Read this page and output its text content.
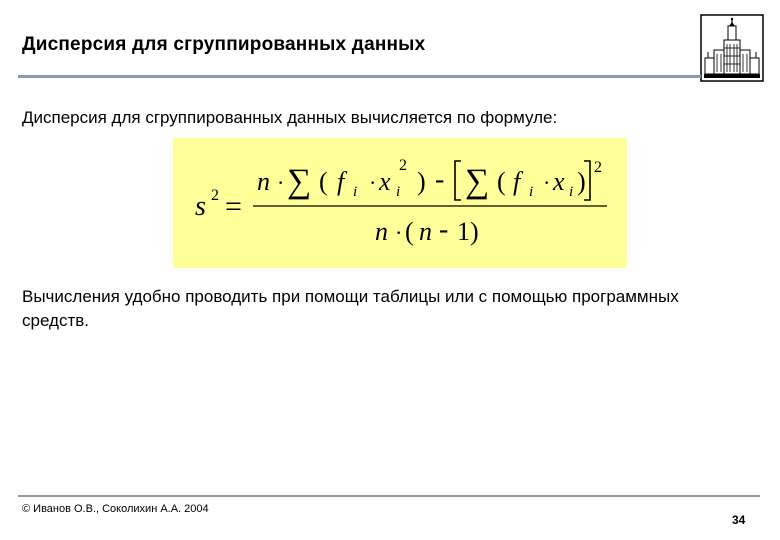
Дисперсия для сгруппированных данных
Дисперсия для сгруппированных данных вычисляется по формуле:
s 2 =
n · ∑ ( f i · x i
2
) - ∑ ( f i · x i ) 2
n · ( n - 1)
Вычисления удобно проводить при помощи таблицы или с помощью программных средств.
© Иванов О.В., Соколихин А.А. 2004
34
